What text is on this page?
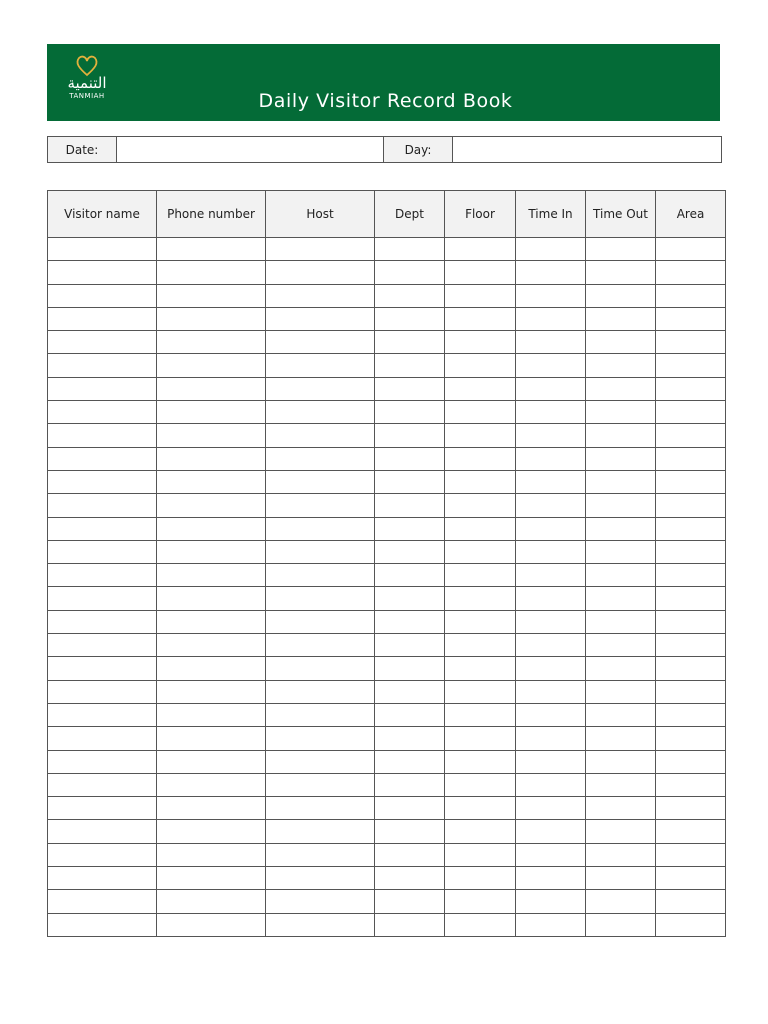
التنمية
TANMIAH	Daily Visitor Record Book
Date:		Day:	
Visitor name	Phone number	Host	Dept	Floor	Time In	Time Out	Area
